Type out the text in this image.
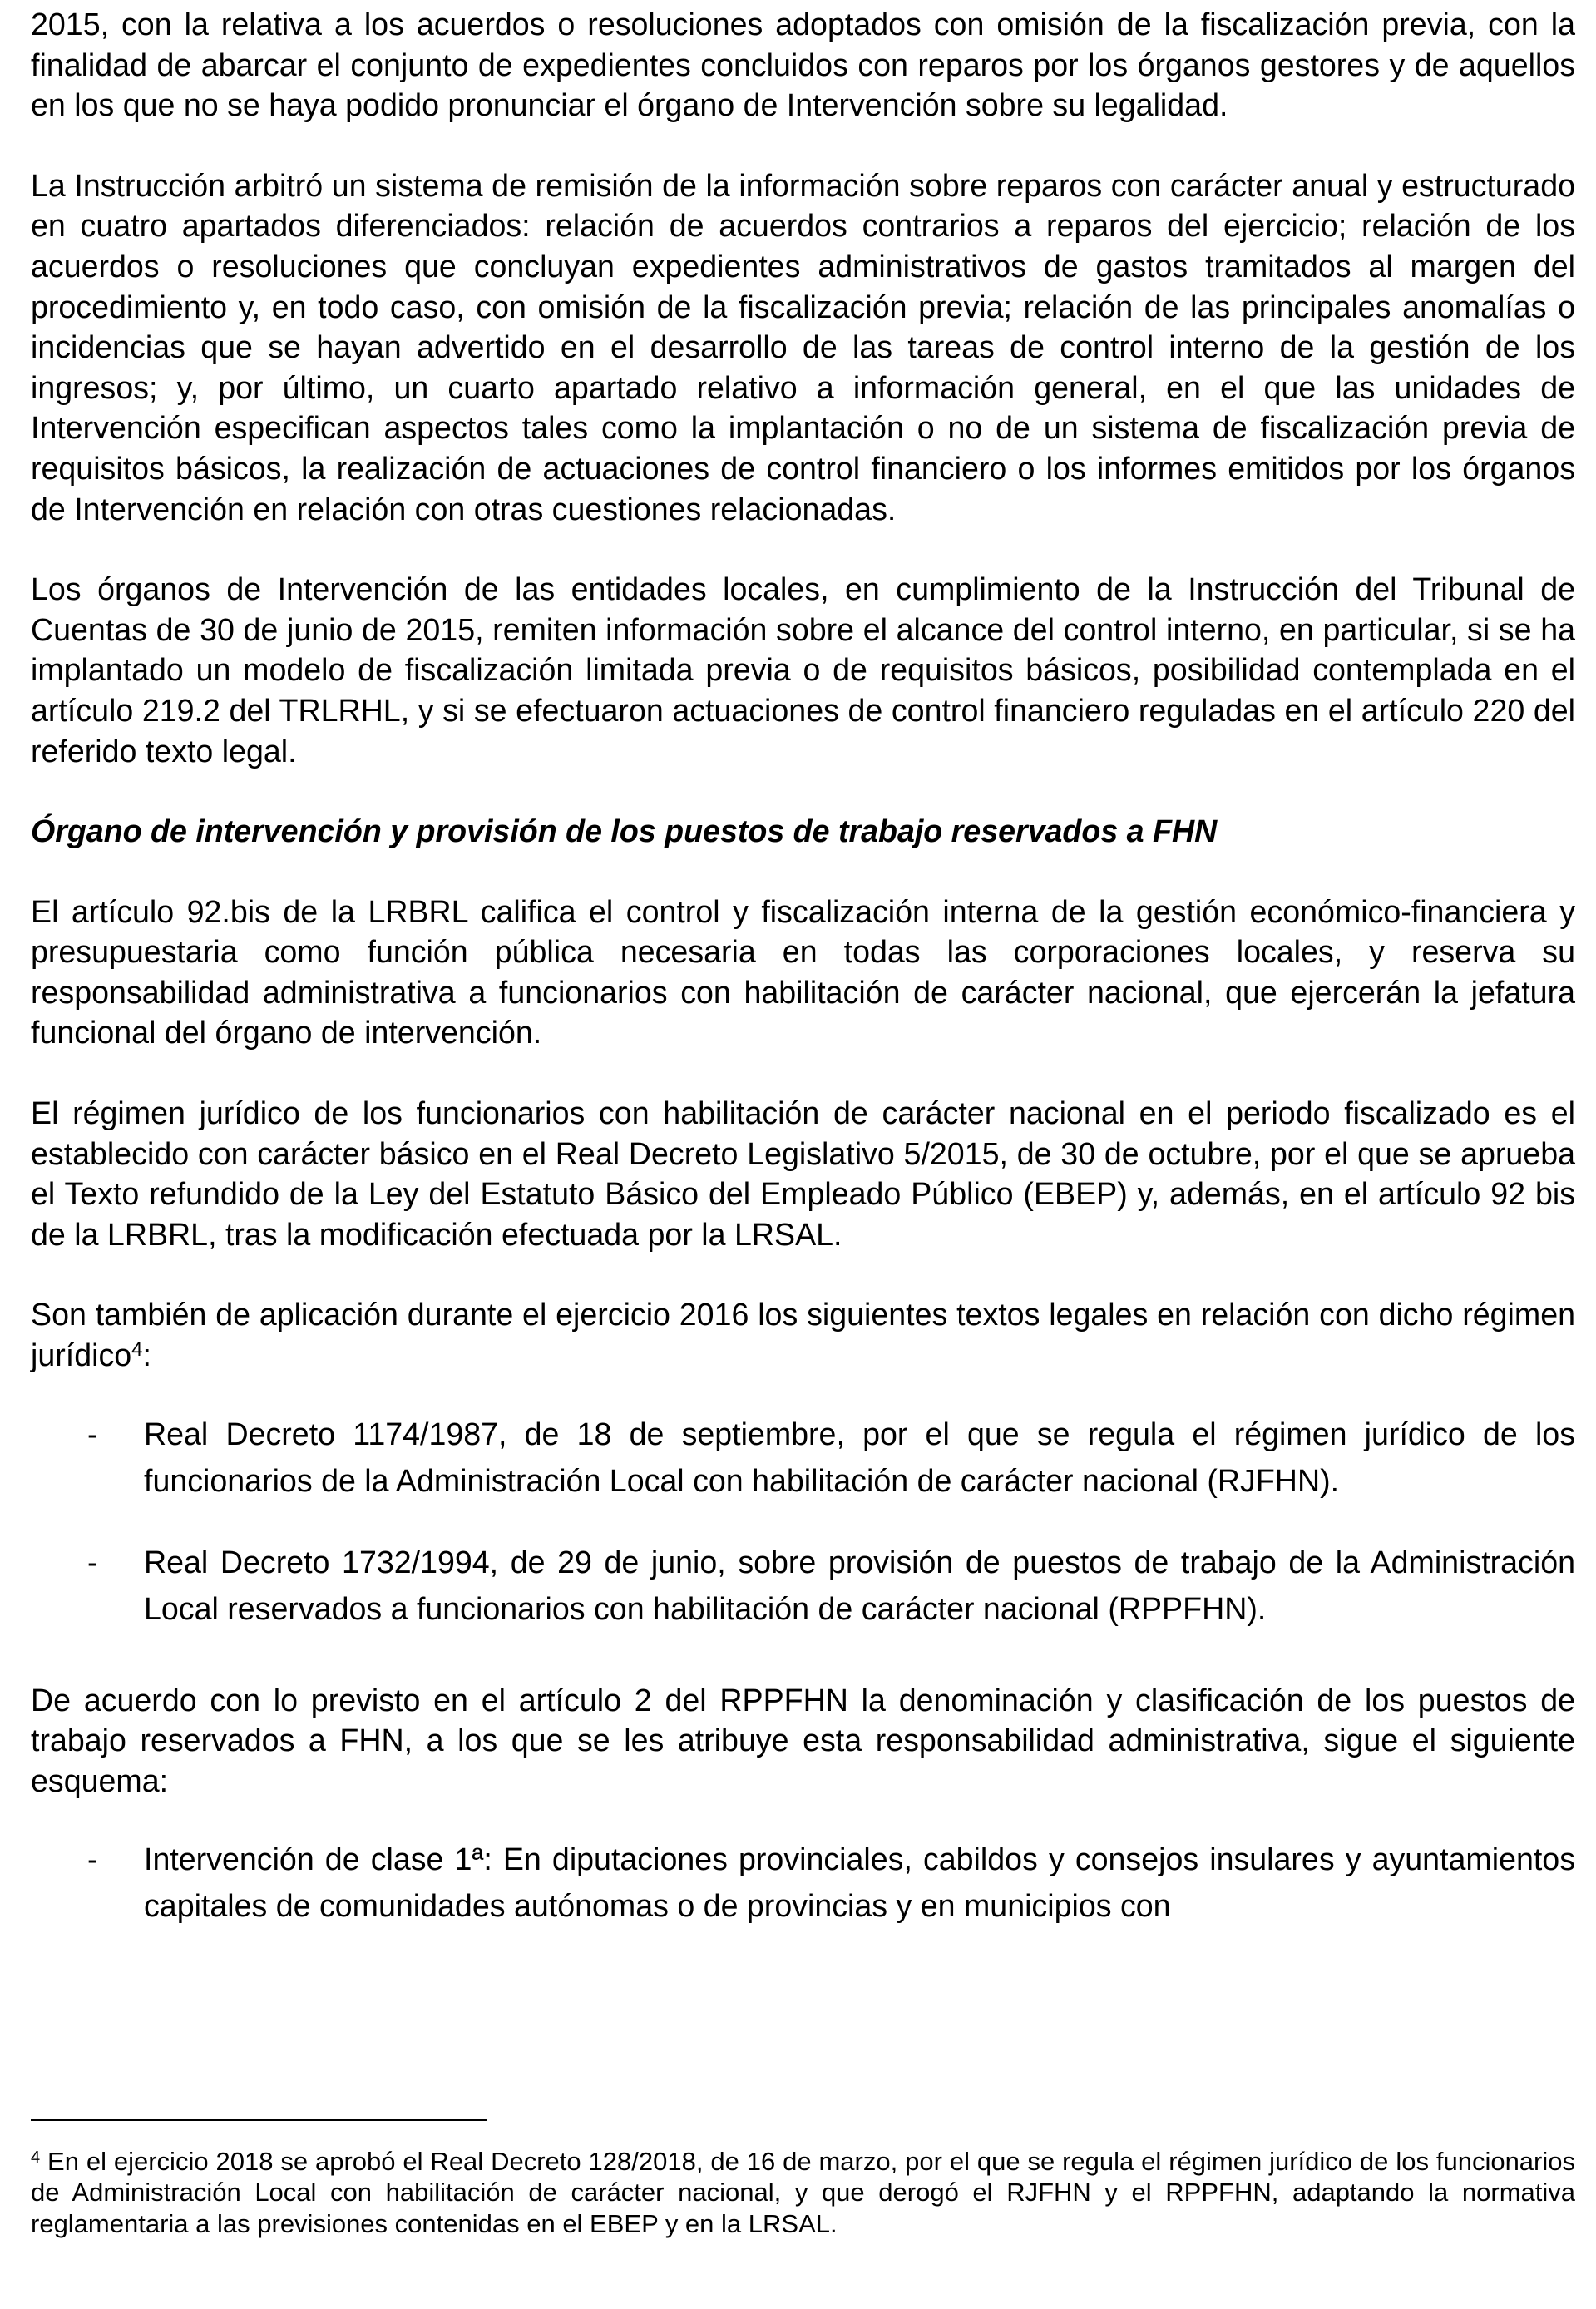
2015, con la relativa a los acuerdos o resoluciones adoptados con omisión de la fiscalización previa, con la finalidad de abarcar el conjunto de expedientes concluidos con reparos por los órganos gestores y de aquellos en los que no se haya podido pronunciar el órgano de Intervención sobre su legalidad.

La Instrucción arbitró un sistema de remisión de la información sobre reparos con carácter anual y estructurado en cuatro apartados diferenciados: relación de acuerdos contrarios a reparos del ejercicio; relación de los acuerdos o resoluciones que concluyan expedientes administrativos de gastos tramitados al margen del procedimiento y, en todo caso, con omisión de la fiscalización previa; relación de las principales anomalías o incidencias que se hayan advertido en el desarrollo de las tareas de control interno de la gestión de los ingresos; y, por último, un cuarto apartado relativo a información general, en el que las unidades de Intervención especifican aspectos tales como la implantación o no de un sistema de fiscalización previa de requisitos básicos, la realización de actuaciones de control financiero o los informes emitidos por los órganos de Intervención en relación con otras cuestiones relacionadas.

Los órganos de Intervención de las entidades locales, en cumplimiento de la Instrucción del Tribunal de Cuentas de 30 de junio de 2015, remiten información sobre el alcance del control interno, en particular, si se ha implantado un modelo de fiscalización limitada previa o de requisitos básicos, posibilidad contemplada en el artículo 219.2 del TRLRHL, y si se efectuaron actuaciones de control financiero reguladas en el artículo 220 del referido texto legal.

Órgano de intervención y provisión de los puestos de trabajo reservados a FHN

El artículo 92.bis de la LRBRL califica el control y fiscalización interna de la gestión económico-financiera y presupuestaria como función pública necesaria en todas las corporaciones locales, y reserva su responsabilidad administrativa a funcionarios con habilitación de carácter nacional, que ejercerán la jefatura funcional del órgano de intervención.

El régimen jurídico de los funcionarios con habilitación de carácter nacional en el periodo fiscalizado es el establecido con carácter básico en el Real Decreto Legislativo 5/2015, de 30 de octubre, por el que se aprueba el Texto refundido de la Ley del Estatuto Básico del Empleado Público (EBEP) y, además, en el artículo 92 bis de la LRBRL, tras la modificación efectuada por la LRSAL.

Son también de aplicación durante el ejercicio 2016 los siguientes textos legales en relación con dicho régimen jurídico$^4$:

- Real Decreto 1174/1987, de 18 de septiembre, por el que se regula el régimen jurídico de los funcionarios de la Administración Local con habilitación de carácter nacional (RJFHN).
- Real Decreto 1732/1994, de 29 de junio, sobre provisión de puestos de trabajo de la Administración Local reservados a funcionarios con habilitación de carácter nacional (RPPFHN).

De acuerdo con lo previsto en el artículo 2 del RPPFHN la denominación y clasificación de los puestos de trabajo reservados a FHN, a los que se les atribuye esta responsabilidad administrativa, sigue el siguiente esquema:

- Intervención de clase 1ª: En diputaciones provinciales, cabildos y consejos insulares y ayuntamientos capitales de comunidades autónomas o de provincias y en municipios con

$^4$ En el ejercicio 2018 se aprobó el Real Decreto 128/2018, de 16 de marzo, por el que se regula el régimen jurídico de los funcionarios de Administración Local con habilitación de carácter nacional, y que derogó el RJFHN y el RPPFHN, adaptando la normativa reglamentaria a las previsiones contenidas en el EBEP y en la LRSAL.
